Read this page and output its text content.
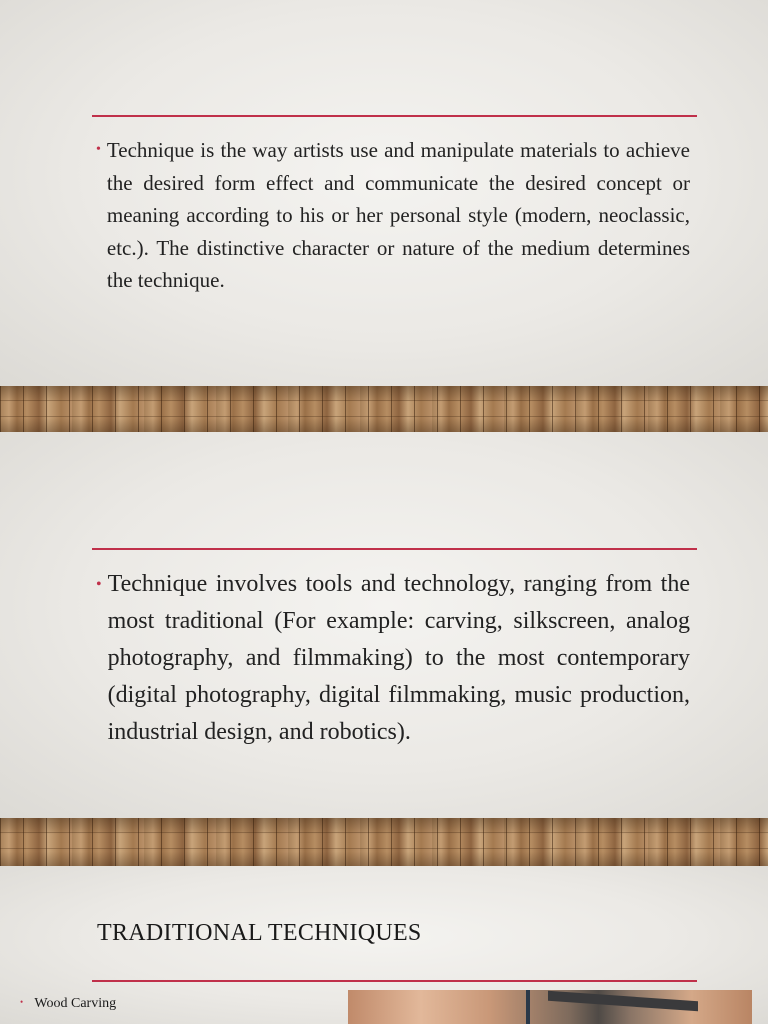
• Technique is the way artists use and manipulate materials to achieve the desired form effect and communicate the desired concept or meaning according to his or her personal style (modern, neoclassic, etc.). The distinctive character or nature of the medium determines the technique.
• Technique involves tools and technology, ranging from the most traditional (For example: carving, silkscreen, analog photography, and filmmaking) to the most contemporary (digital photography, digital filmmaking, music production, industrial design, and robotics).
TRADITIONAL TECHNIQUES
• Wood Carving
